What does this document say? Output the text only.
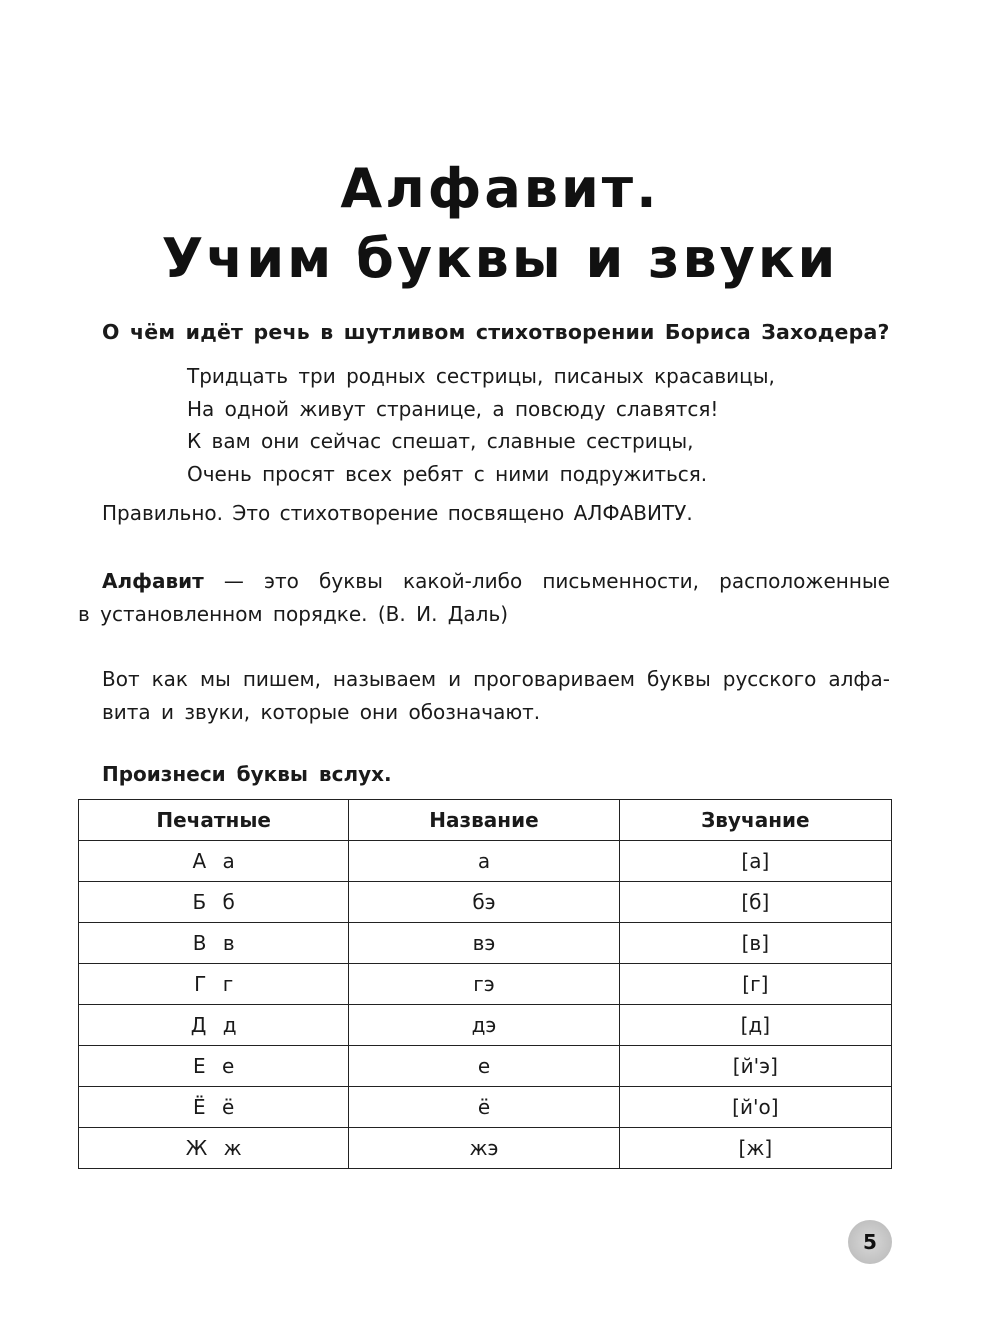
Алфавит.
Учим буквы и звуки
О чём идёт речь в шутливом стихотворении Бориса Заходера?
Тридцать три родных сестрицы, писаных красавицы,
На одной живут странице, а повсюду славятся!
К вам они сейчас спешат, славные сестрицы,
Очень просят всех ребят с ними подружиться.
Правильно. Это стихотворение посвящено АЛФАВИТУ.
Алфавит — это буквы какой-либо письменности, расположенные
в установленном порядке. (В. И. Даль)
Вот как мы пишем, называем и проговариваем буквы русского алфа-
вита и звуки, которые они обозначают.
Произнеси буквы вслух.
Печатные	Название	Звучание
А а	а	[а]
Б б	бэ	[б]
В в	вэ	[в]
Г г	гэ	[г]
Д д	дэ	[д]
Е е	е	[й'э]
Ё ё	ё	[й'о]
Ж ж	жэ	[ж]
5
